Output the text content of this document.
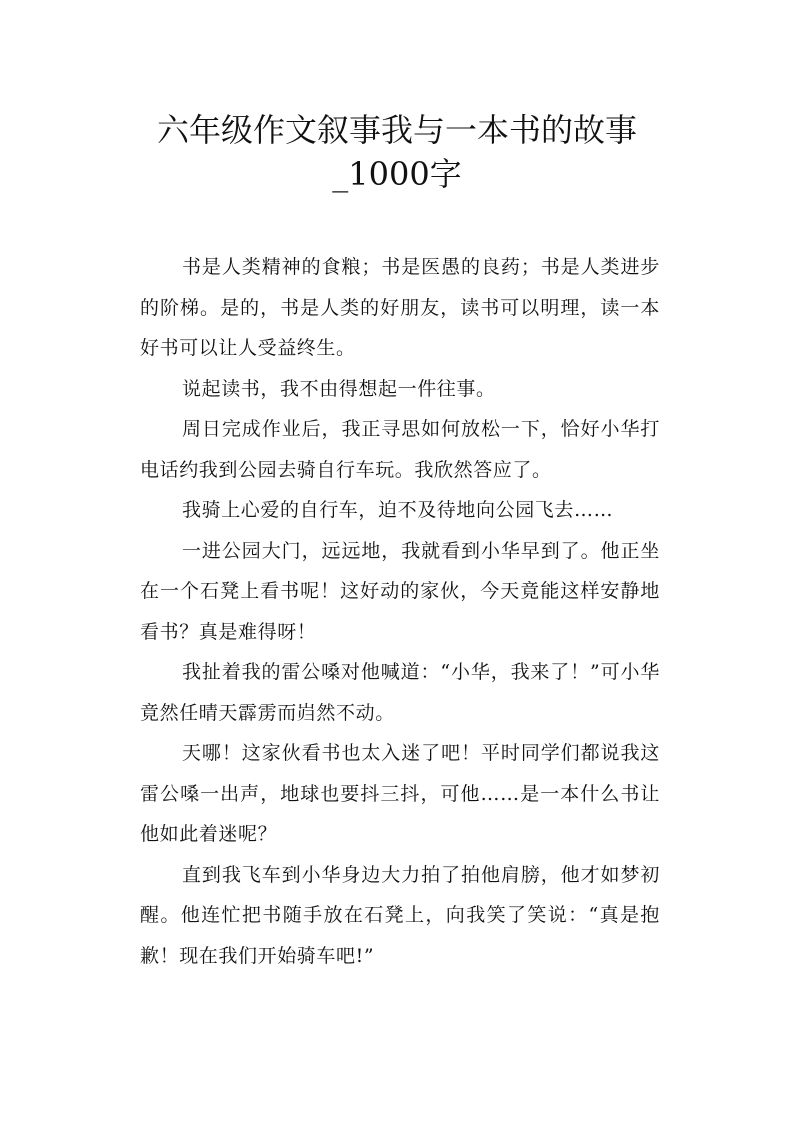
六年级作文叙事我与一本书的故事_1000字

书是人类精神的食粮；书是医愚的良药；书是人类进步的阶梯。是的，书是人类的好朋友，读书可以明理，读一本好书可以让人受益终生。

说起读书，我不由得想起一件往事。

周日完成作业后，我正寻思如何放松一下，恰好小华打电话约我到公园去骑自行车玩。我欣然答应了。

我骑上心爱的自行车，迫不及待地向公园飞去……

一进公园大门，远远地，我就看到小华早到了。他正坐在一个石凳上看书呢！这好动的家伙，今天竟能这样安静地看书？真是难得呀！

我扯着我的雷公嗓对他喊道：“小华，我来了！”可小华竟然任晴天霹雳而岿然不动。

天哪！这家伙看书也太入迷了吧！平时同学们都说我这雷公嗓一出声，地球也要抖三抖，可他……是一本什么书让他如此着迷呢？

直到我飞车到小华身边大力拍了拍他肩膀，他才如梦初醒。他连忙把书随手放在石凳上，向我笑了笑说：“真是抱歉！现在我们开始骑车吧!”
